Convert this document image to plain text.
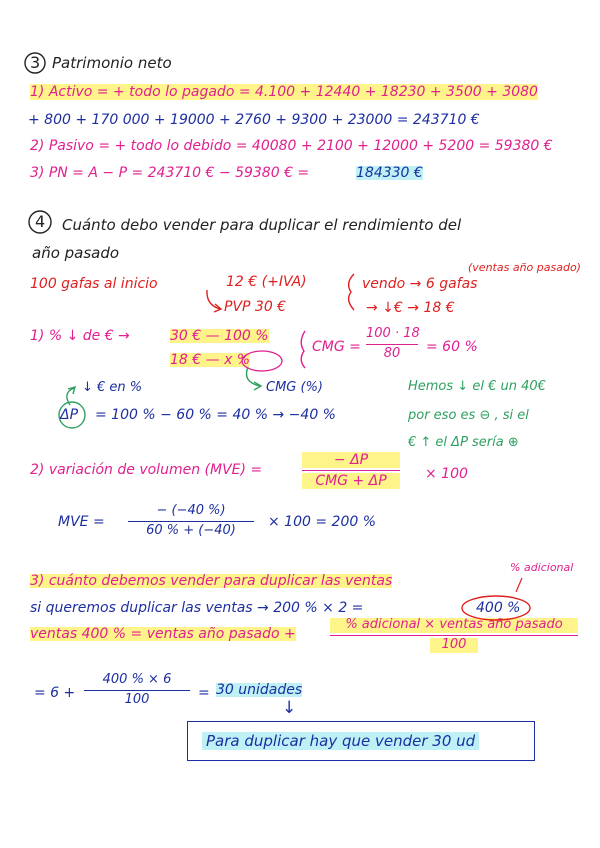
3 Patrimonio neto
1) Activo = + todo lo pagado = 4.100 + 12440 + 18230 + 3500 + 3080
+ 800 + 170 000 + 19000 + 2760 + 9300 + 23000 = 243710 €
2) Pasivo = + todo lo debido = 40080 + 2100 + 12000 + 5200 = 59380 €
3) PN = A − P = 243710 € − 59380 € =	184330 €
4 Cuánto debo vender para duplicar el rendimiento del
año pasado
(ventas año pasado)
100 gafas al inicio	12 € (+IVA)
PVP 30 €
vendo → 6 gafas
→ ↓€ → 18 €
1) % ↓ de € →	30 € — 100 %
18 € — x %
CMG =
100 · 18
80	= 60 %
↓ € en %	CMG (%)
ΔP = 100 % − 60 % = 40 % → −40 %
Hemos ↓ el € un 40€
por eso es ⊖ , si el
€ ↑ el ΔP sería ⊕
2) variación de volumen (MVE) =
− ΔP
CMG + ΔP	× 100
MVE =
− (−40 %)
60 % + (−40)
× 100 = 200 %
% adicional
3) cuánto debemos vender para duplicar las ventas
si queremos duplicar las ventas → 200 % × 2 =	400 %
ventas 400 % = ventas año pasado +
% adicional × ventas año pasado
100
= 6 +
400 % × 6
100	= 30 unidades
↓
Para duplicar hay que vender 30 ud
